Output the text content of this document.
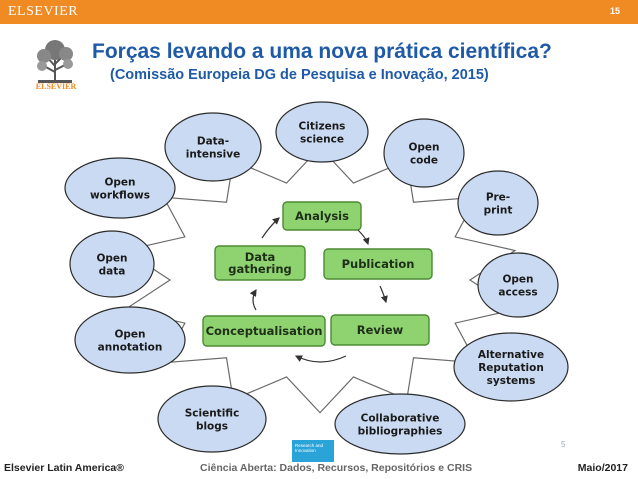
ELSEVIER	15
ELSEVIER
Forças levando a uma nova prática científica?
(Comissão Europeia DG de Pesquisa e Inovação, 2015)
Analysis
Publication
Review
Conceptualisation
Data
gathering
Data-
intensive
Citizens
science
Open
code
Pre-
print
Open
access
Alternative
Reputation
systems
Collaborative
bibliographies
Scientific
blogs
Open
annotation
Open
data
Open
workflows
Research and Innovation
5
Elsevier Latin America®	Ciência Aberta: Dados, Recursos, Repositórios e CRIS	Maio/2017
